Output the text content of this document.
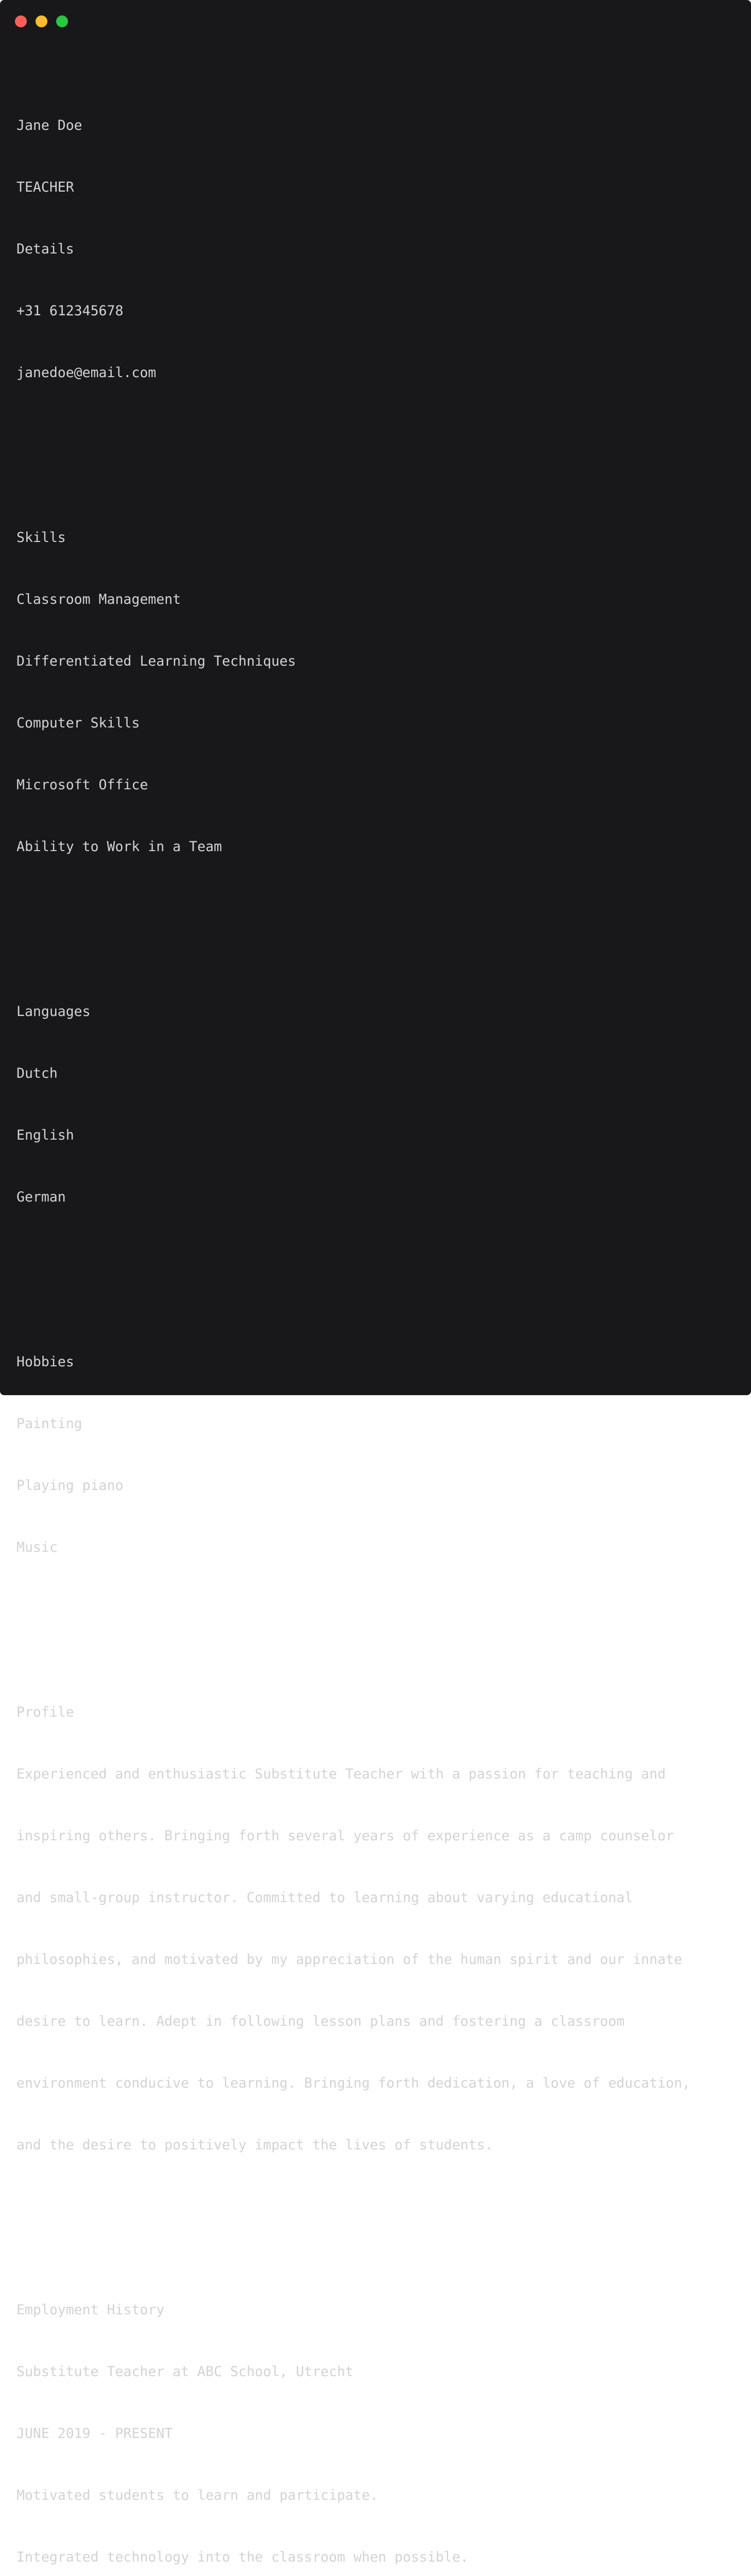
Jane Doe

TEACHER

Details

+31 612345678

janedoe@email.com

Skills

Classroom Management

Differentiated Learning Techniques

Computer Skills

Microsoft Office

Ability to Work in a Team

Languages

Dutch

English

German

Hobbies

Painting

Playing piano

Music

Profile

Experienced and enthusiastic Substitute Teacher with a passion for teaching and

inspiring others. Bringing forth several years of experience as a camp counselor

and small-group instructor. Committed to learning about varying educational

philosophies, and motivated by my appreciation of the human spirit and our innate

desire to learn. Adept in following lesson plans and fostering a classroom

environment conducive to learning. Bringing forth dedication, a love of education,

and the desire to positively impact the lives of students.

Employment History

Substitute Teacher at ABC School, Utrecht

JUNE 2019 - PRESENT

Motivated students to learn and participate.

Integrated technology into the classroom when possible.
